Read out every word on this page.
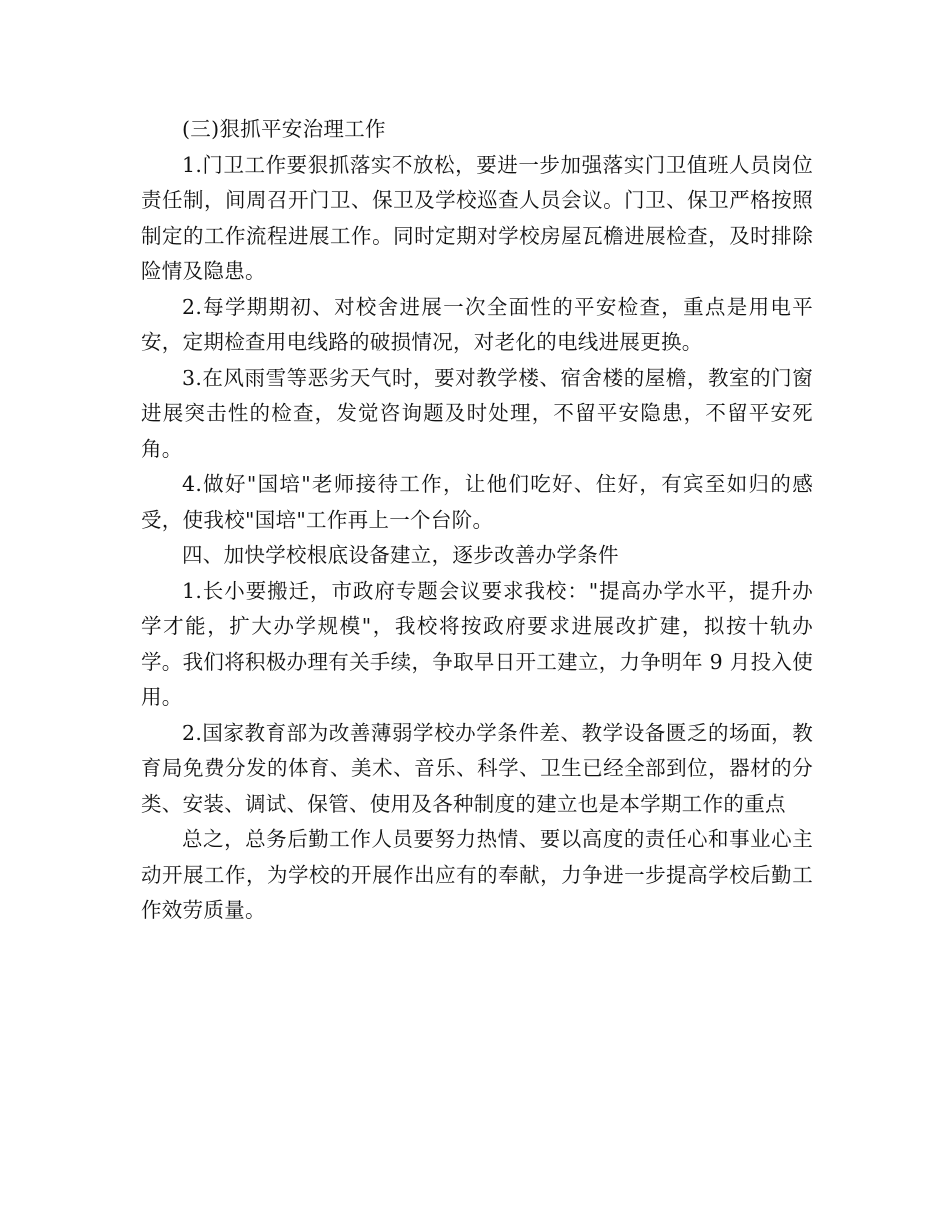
(三)狠抓平安治理工作

1.门卫工作要狠抓落实不放松，要进一步加强落实门卫值班人员岗位责任制，间周召开门卫、保卫及学校巡查人员会议。门卫、保卫严格按照制定的工作流程进展工作。同时定期对学校房屋瓦檐进展检查，及时排除险情及隐患。

2.每学期期初、对校舍进展一次全面性的平安检查，重点是用电平安，定期检查用电线路的破损情况，对老化的电线进展更换。

3.在风雨雪等恶劣天气时，要对教学楼、宿舍楼的屋檐，教室的门窗进展突击性的检查，发觉咨询题及时处理，不留平安隐患，不留平安死角。

4.做好"国培"老师接待工作，让他们吃好、住好，有宾至如归的感受，使我校"国培"工作再上一个台阶。

四、加快学校根底设备建立，逐步改善办学条件

1.长小要搬迁，市政府专题会议要求我校："提高办学水平，提升办学才能，扩大办学规模"，我校将按政府要求进展改扩建，拟按十轨办学。我们将积极办理有关手续，争取早日开工建立，力争明年 9 月投入使用。

2.国家教育部为改善薄弱学校办学条件差、教学设备匮乏的场面，教育局免费分发的体育、美术、音乐、科学、卫生已经全部到位，器材的分类、安装、调试、保管、使用及各种制度的建立也是本学期工作的重点

总之，总务后勤工作人员要努力热情、要以高度的责任心和事业心主动开展工作，为学校的开展作出应有的奉献，力争进一步提高学校后勤工作效劳质量。
